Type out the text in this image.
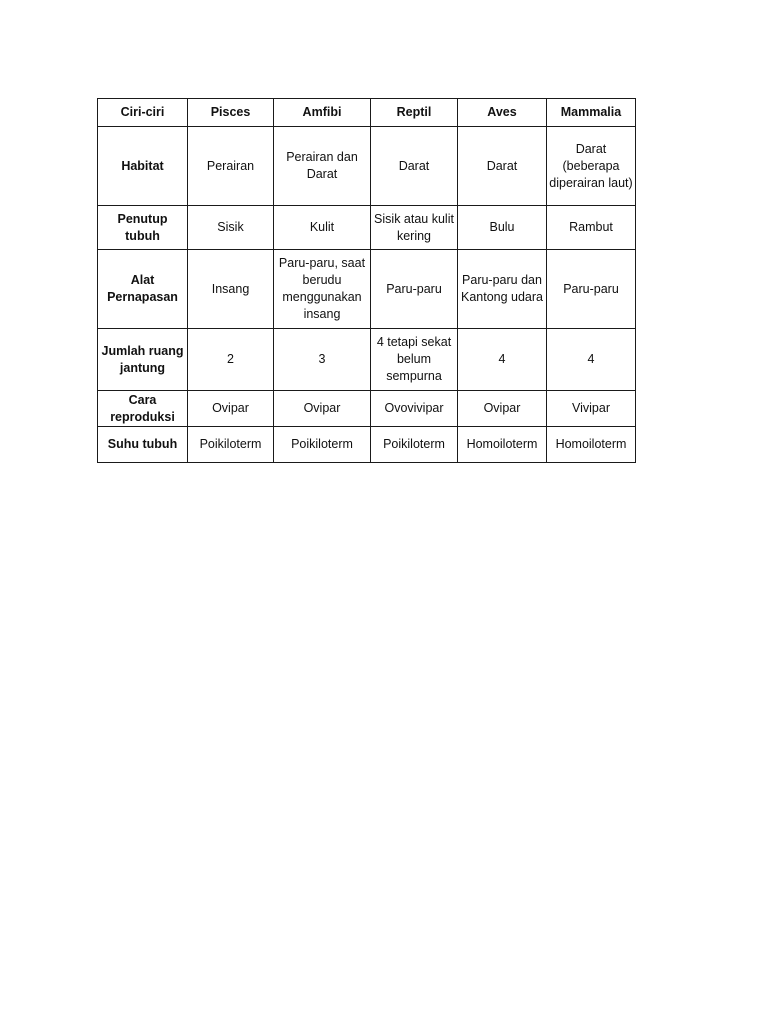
Ciri-ciri	Pisces	Amfibi	Reptil	Aves	Mammalia
Habitat	Perairan	Perairan dan Darat	Darat	Darat	Darat (beberapa diperairan laut)
Penutup tubuh	Sisik	Kulit	Sisik atau kulit kering	Bulu	Rambut
Alat Pernapasan	Insang	Paru-paru, saat berudu menggunakan insang	Paru-paru	Paru-paru dan Kantong udara	Paru-paru
Jumlah ruang jantung	2	3	4 tetapi sekat belum sempurna	4	4
Cara reproduksi	Ovipar	Ovipar	Ovovivipar	Ovipar	Vivipar
Suhu tubuh	Poikiloterm	Poikiloterm	Poikiloterm	Homoiloterm	Homoiloterm
